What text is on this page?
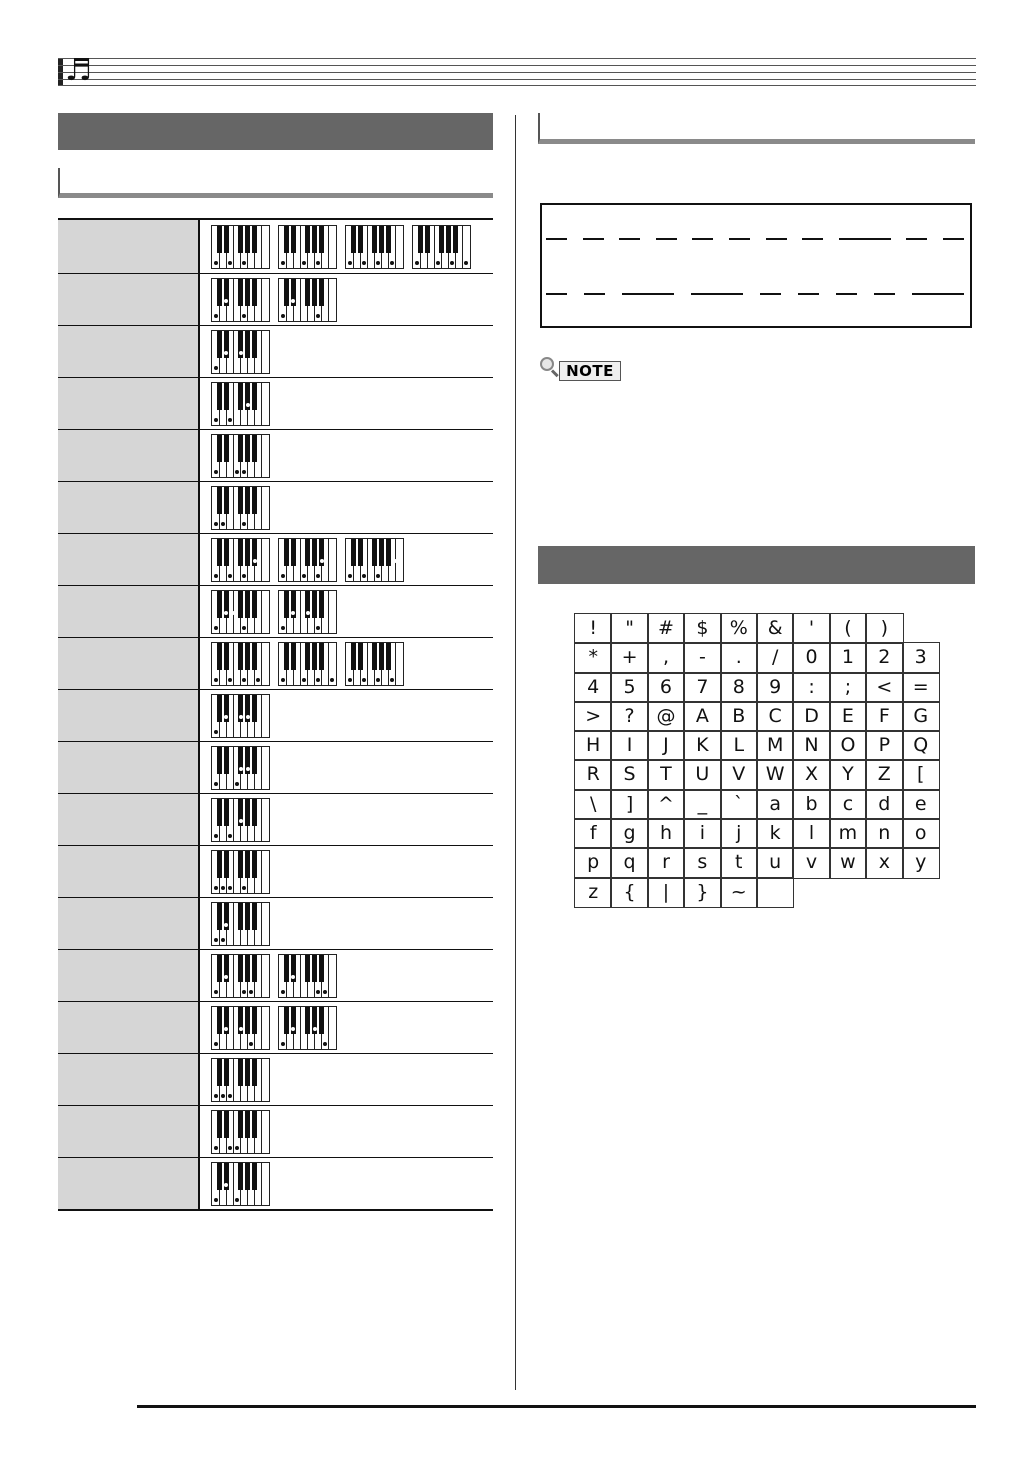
♬
NOTE
!	"	#	$	%	&	'	(	)
*	+	,	-	.	/	0	1	2	3
4	5	6	7	8	9	:	;	<	=
>	?	@	A	B	C	D	E	F	G
H	I	J	K	L	M	N	O	P	Q
R	S	T	U	V	W	X	Y	Z	[
\	]	^	_	`	a	b	c	d	e
f	g	h	i	j	k	l	m	n	o
p	q	r	s	t	u	v	w	x	y
z	{	|	}	~
